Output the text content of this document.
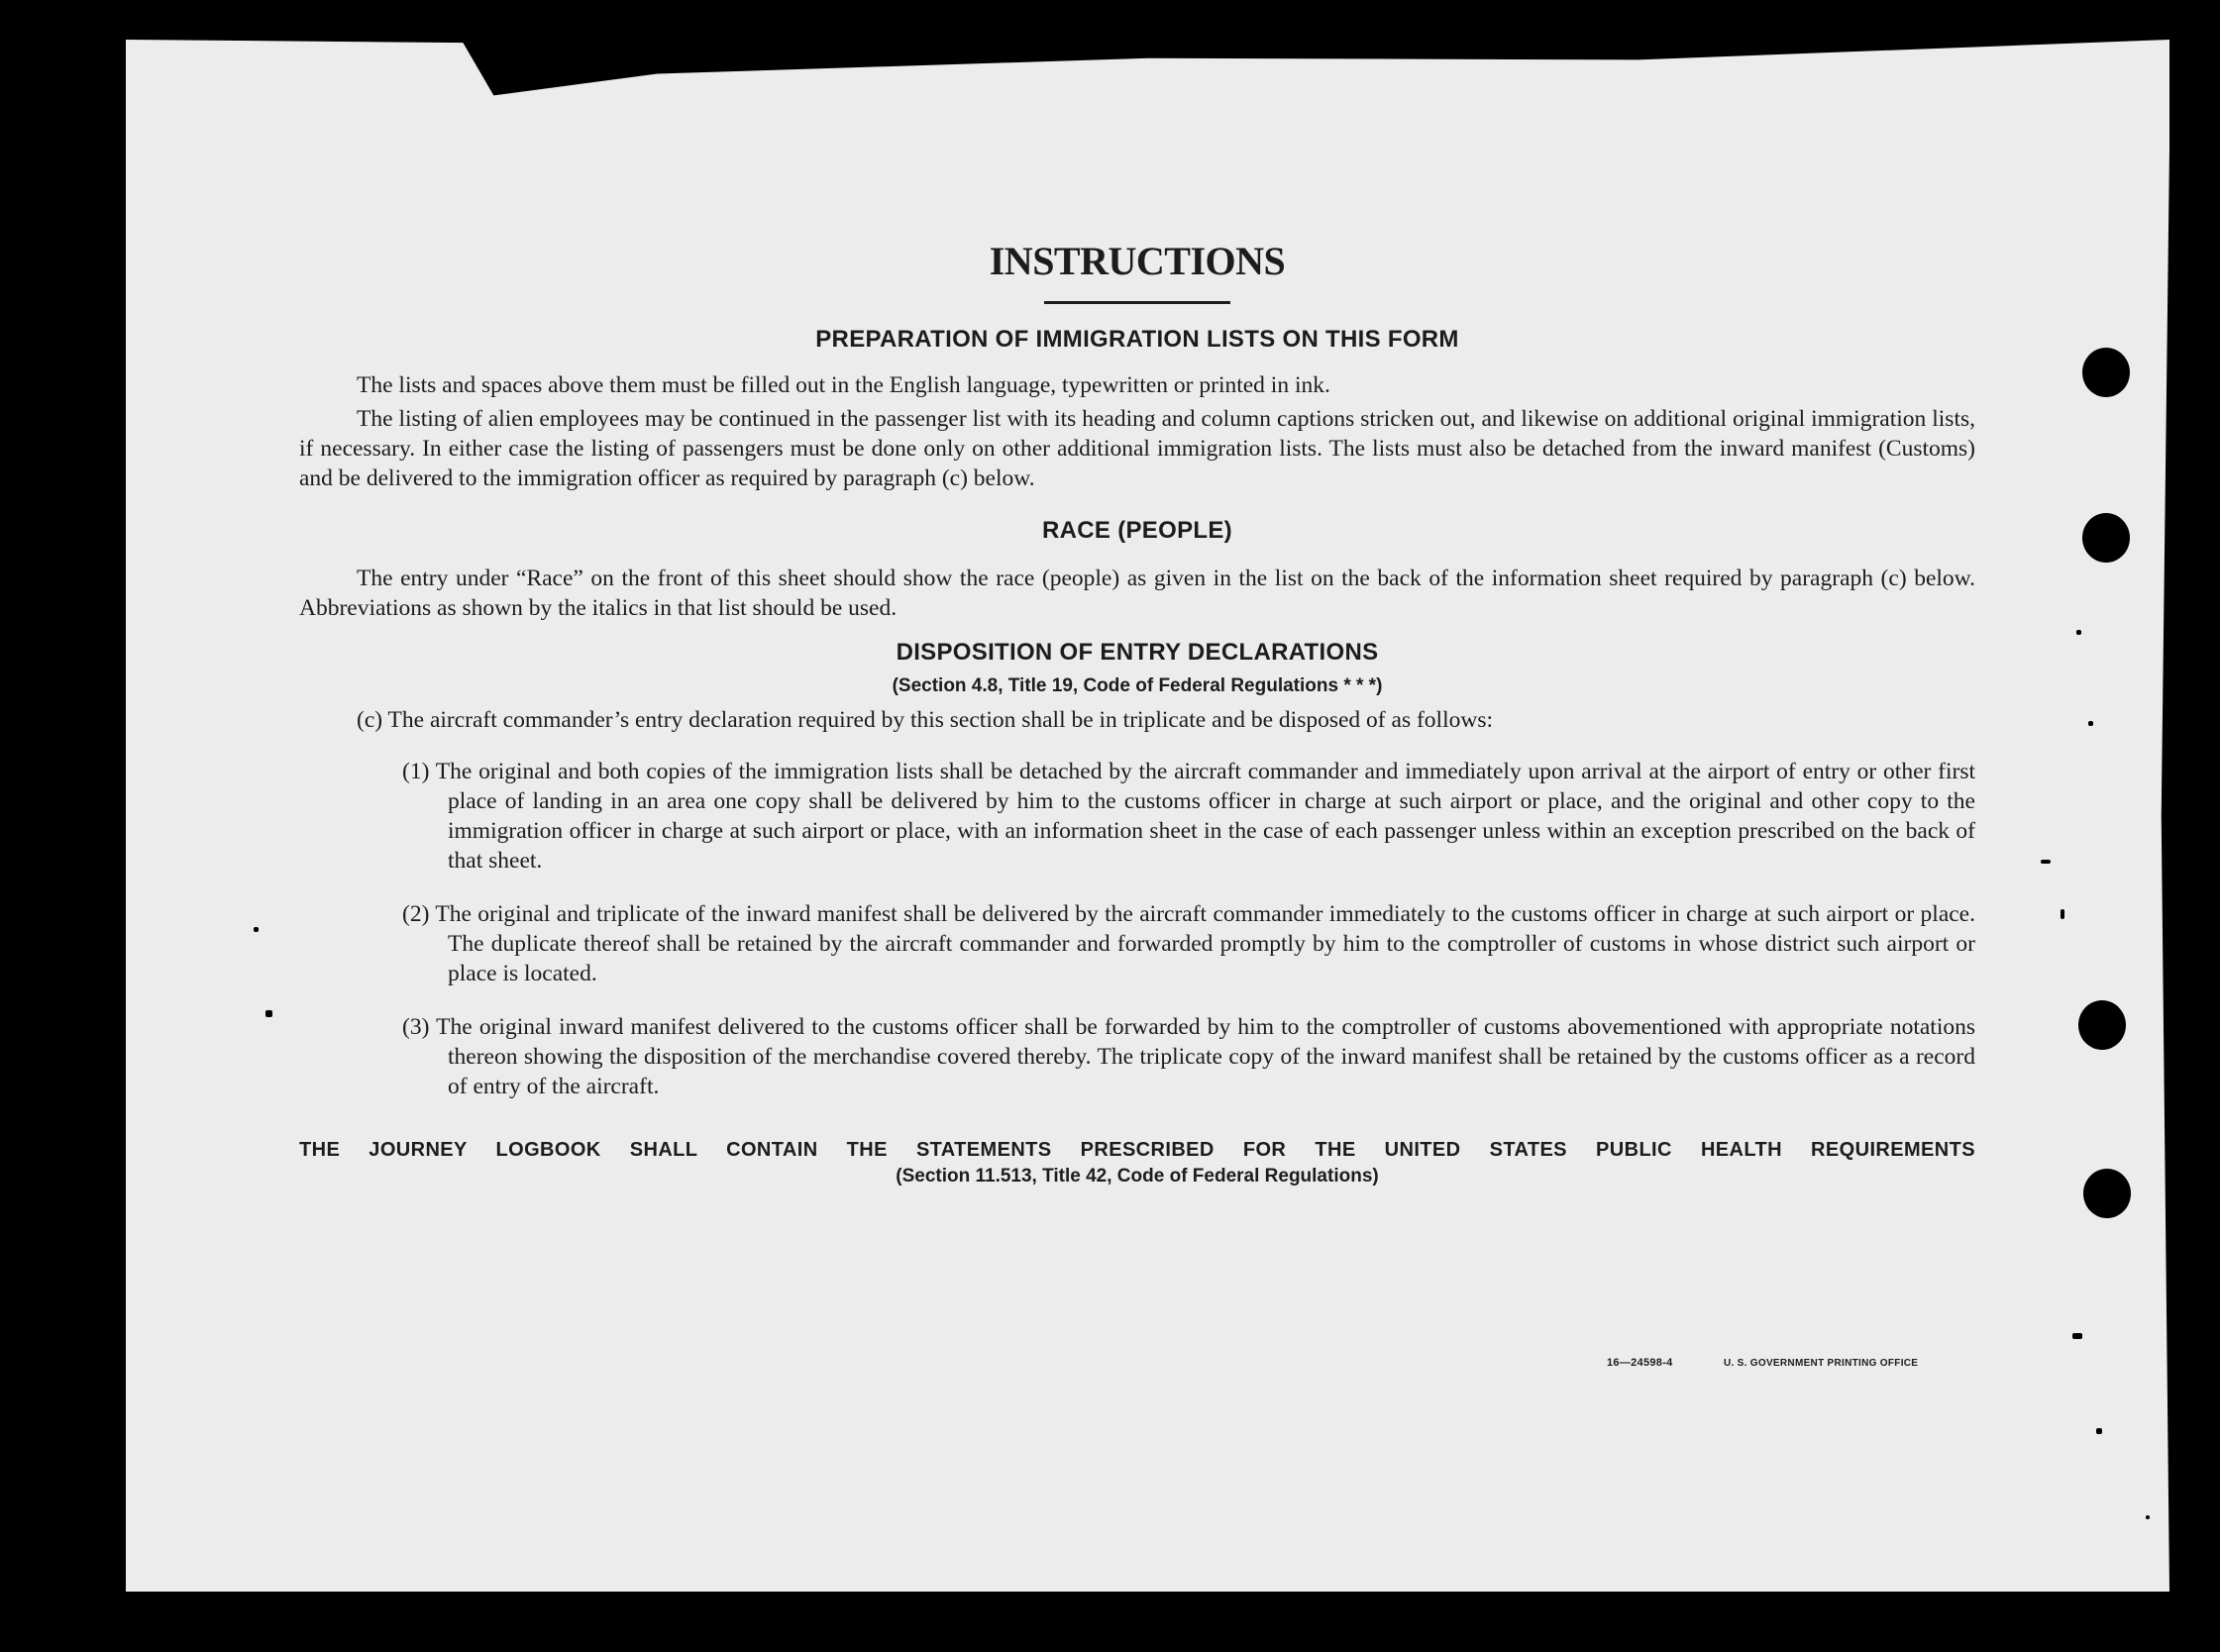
INSTRUCTIONS
PREPARATION OF IMMIGRATION LISTS ON THIS FORM

The lists and spaces above them must be filled out in the English language, typewritten or printed in ink.

The listing of alien employees may be continued in the passenger list with its heading and column captions stricken out, and likewise on additional original immigration lists, if necessary. In either case the listing of passengers must be done only on other additional immigration lists. The lists must also be detached from the inward manifest (Customs) and be delivered to the immigration officer as required by paragraph (c) below.

RACE (PEOPLE)

The entry under “Race” on the front of this sheet should show the race (people) as given in the list on the back of the information sheet required by paragraph (c) below. Abbreviations as shown by the italics in that list should be used.

DISPOSITION OF ENTRY DECLARATIONS
(Section 4.8, Title 19, Code of Federal Regulations * * *)

(c) The aircraft commander’s entry declaration required by this section shall be in triplicate and be disposed of as follows:

(1) The original and both copies of the immigration lists shall be detached by the aircraft commander and immediately upon arrival at the airport of entry or other first place of landing in an area one copy shall be delivered by him to the customs officer in charge at such airport or place, and the original and other copy to the immigration officer in charge at such airport or place, with an information sheet in the case of each passenger unless within an exception prescribed on the back of that sheet.

(2) The original and triplicate of the inward manifest shall be delivered by the aircraft commander immediately to the customs officer in charge at such airport or place. The duplicate thereof shall be retained by the aircraft commander and forwarded promptly by him to the comptroller of customs in whose district such airport or place is located.

(3) The original inward manifest delivered to the customs officer shall be forwarded by him to the comptroller of customs abovementioned with appropriate notations thereon showing the disposition of the merchandise covered thereby. The triplicate copy of the inward manifest shall be retained by the customs officer as a record of entry of the aircraft.

THE JOURNEY LOGBOOK SHALL CONTAIN THE STATEMENTS PRESCRIBED FOR THE UNITED STATES PUBLIC HEALTH REQUIREMENTS

(Section 11.513, Title 42, Code of Federal Regulations)
16—24598-4	U. S. GOVERNMENT PRINTING OFFICE
